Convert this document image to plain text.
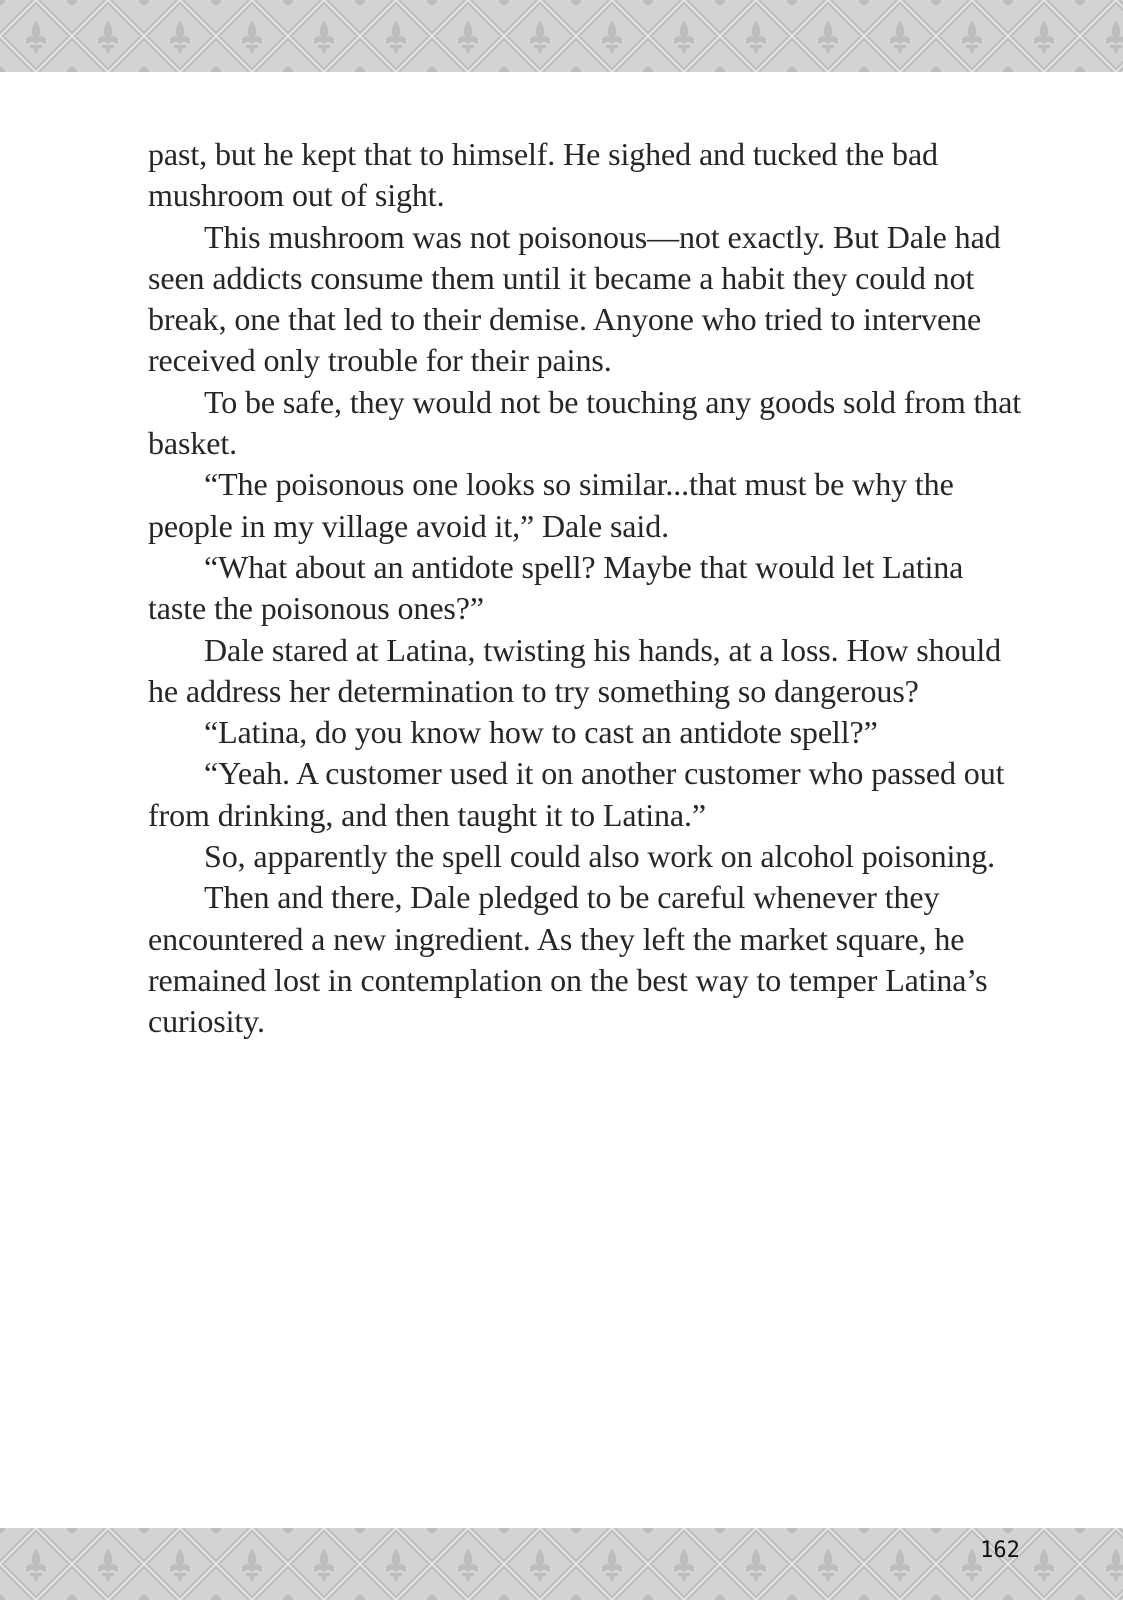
past, but he kept that to himself. He sighed and tucked the bad mushroom out of sight.

This mushroom was not poisonous—not exactly. But Dale had seen addicts consume them until it became a habit they could not break, one that led to their demise. Anyone who tried to intervene received only trouble for their pains.

To be safe, they would not be touching any goods sold from that basket.

“The poisonous one looks so similar...that must be why the people in my village avoid it,” Dale said.

“What about an antidote spell? Maybe that would let Latina taste the poisonous ones?”

Dale stared at Latina, twisting his hands, at a loss. How should he address her determination to try something so dangerous?

“Latina, do you know how to cast an antidote spell?”

“Yeah. A customer used it on another customer who passed out from drinking, and then taught it to Latina.”

So, apparently the spell could also work on alcohol poisoning.

Then and there, Dale pledged to be careful whenever they encountered a new ingredient. As they left the market square, he remained lost in contemplation on the best way to temper Latina’s curiosity.

162
